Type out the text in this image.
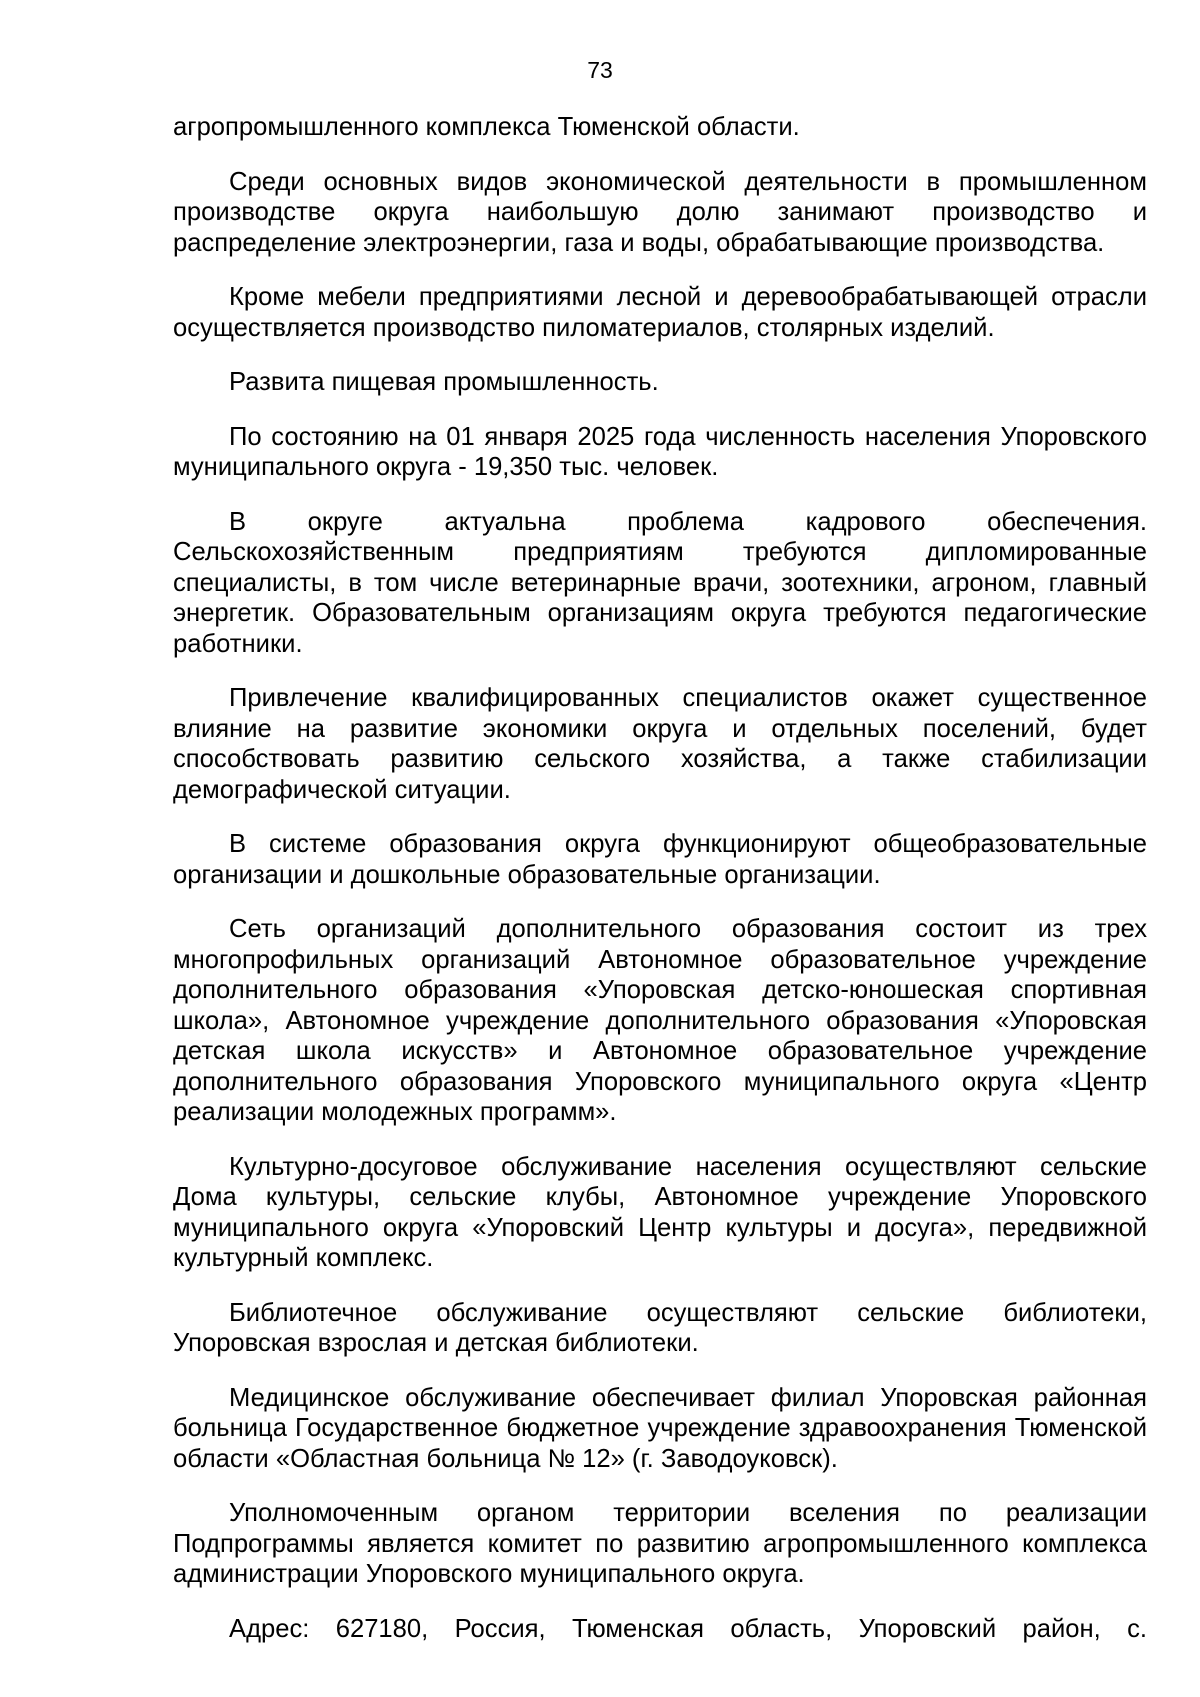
73

агропромышленного комплекса Тюменской области.

Среди основных видов экономической деятельности в промышленном производстве округа наибольшую долю занимают производство и распределение электроэнергии, газа и воды, обрабатывающие производства.

Кроме мебели предприятиями лесной и деревообрабатывающей отрасли осуществляется производство пиломатериалов, столярных изделий.

Развита пищевая промышленность.

По состоянию на 01 января 2025 года численность населения Упоровского муниципального округа - 19,350 тыс. человек.

В округе актуальна проблема кадрового обеспечения. Сельскохозяйственным предприятиям требуются дипломированные специалисты, в том числе ветеринарные врачи, зоотехники, агроном, главный энергетик. Образовательным организациям округа требуются педагогические работники.

Привлечение квалифицированных специалистов окажет существенное влияние на развитие экономики округа и отдельных поселений, будет способствовать развитию сельского хозяйства, а также стабилизации демографической ситуации.

В системе образования округа функционируют общеобразовательные организации и дошкольные образовательные организации.

Сеть организаций дополнительного образования состоит из трех многопрофильных организаций Автономное образовательное учреждение дополнительного образования «Упоровская детско-юношеская спортивная школа», Автономное учреждение дополнительного образования «Упоровская детская школа искусств» и Автономное образовательное учреждение дополнительного образования Упоровского муниципального округа «Центр реализации молодежных программ».

Культурно-досуговое обслуживание населения осуществляют сельские Дома культуры, сельские клубы, Автономное учреждение Упоровского муниципального округа «Упоровский Центр культуры и досуга», передвижной культурный комплекс.

Библиотечное обслуживание осуществляют сельские библиотеки, Упоровская взрослая и детская библиотеки.

Медицинское обслуживание обеспечивает филиал Упоровская районная больница Государственное бюджетное учреждение здравоохранения Тюменской области «Областная больница № 12» (г. Заводоуковск).

Уполномоченным органом территории вселения по реализации Подпрограммы является комитет по развитию агропромышленного комплекса администрации Упоровского муниципального округа.

Адрес: 627180, Россия, Тюменская область, Упоровский район, с.
